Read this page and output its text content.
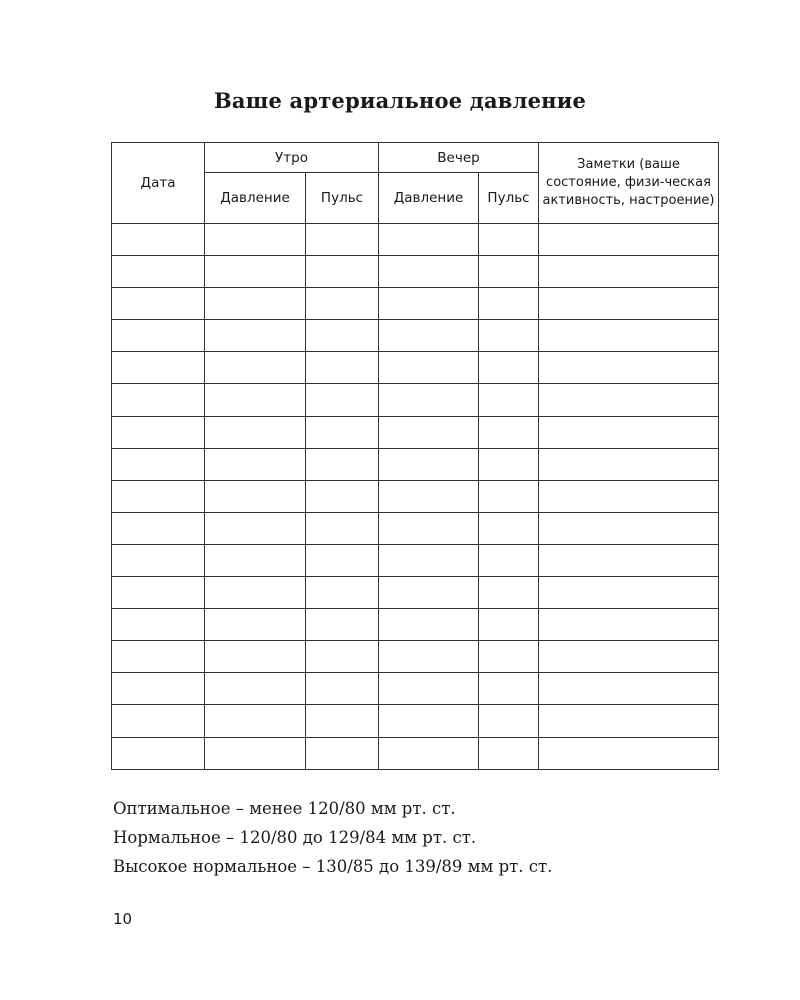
Ваше артериальное давление
Дата	Утро		Вечер		Заметки (ваше состояние, физи-ческая активность, настроение)
	Давление	Пульс	Давление	Пульс	

Оптимальное – менее 120/80 мм рт. ст.
Нормальное – 120/80 до 129/84 мм рт. ст.
Высокое нормальное – 130/85 до 139/89 мм рт. ст.
10
